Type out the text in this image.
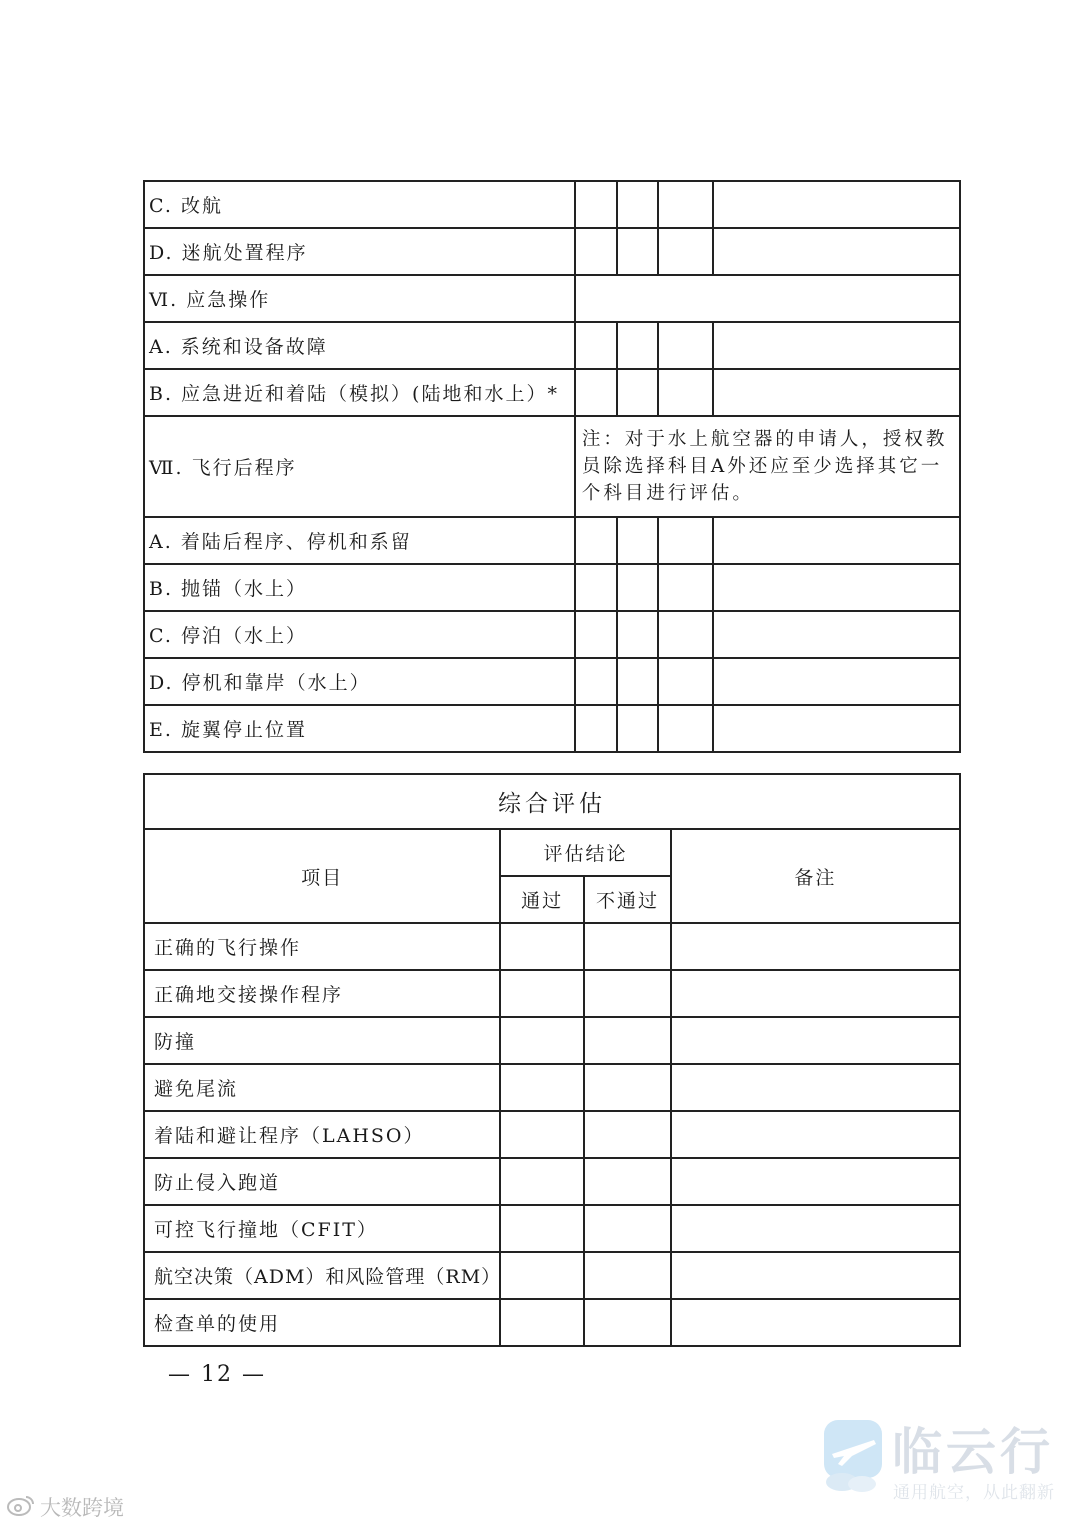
C. 改航				
D. 迷航处置程序				
Ⅵ. 应急操作				
A. 系统和设备故障				
B. 应急进近和着陆（模拟）(陆地和水上）*				
Ⅶ. 飞行后程序	注：对于水上航空器的申请人，授权教员除选择科目A外还应至少选择其它一个科目进行评估。			
A. 着陆后程序、停机和系留				
B. 抛锚（水上）				
C. 停泊（水上）				
D. 停机和靠岸（水上）				
E. 旋翼停止位置				
综合评估			
项目	评估结论		备注
	通过	不通过	
正确的飞行操作			
正确地交接操作程序			
防撞			
避免尾流			
着陆和避让程序（LAHSO）			
防止侵入跑道			
可控飞行撞地（CFIT）			
航空决策（ADM）和风险管理（RM）			
检查单的使用			
— 12 —
大数跨境
临云行
通用航空，从此翻新
